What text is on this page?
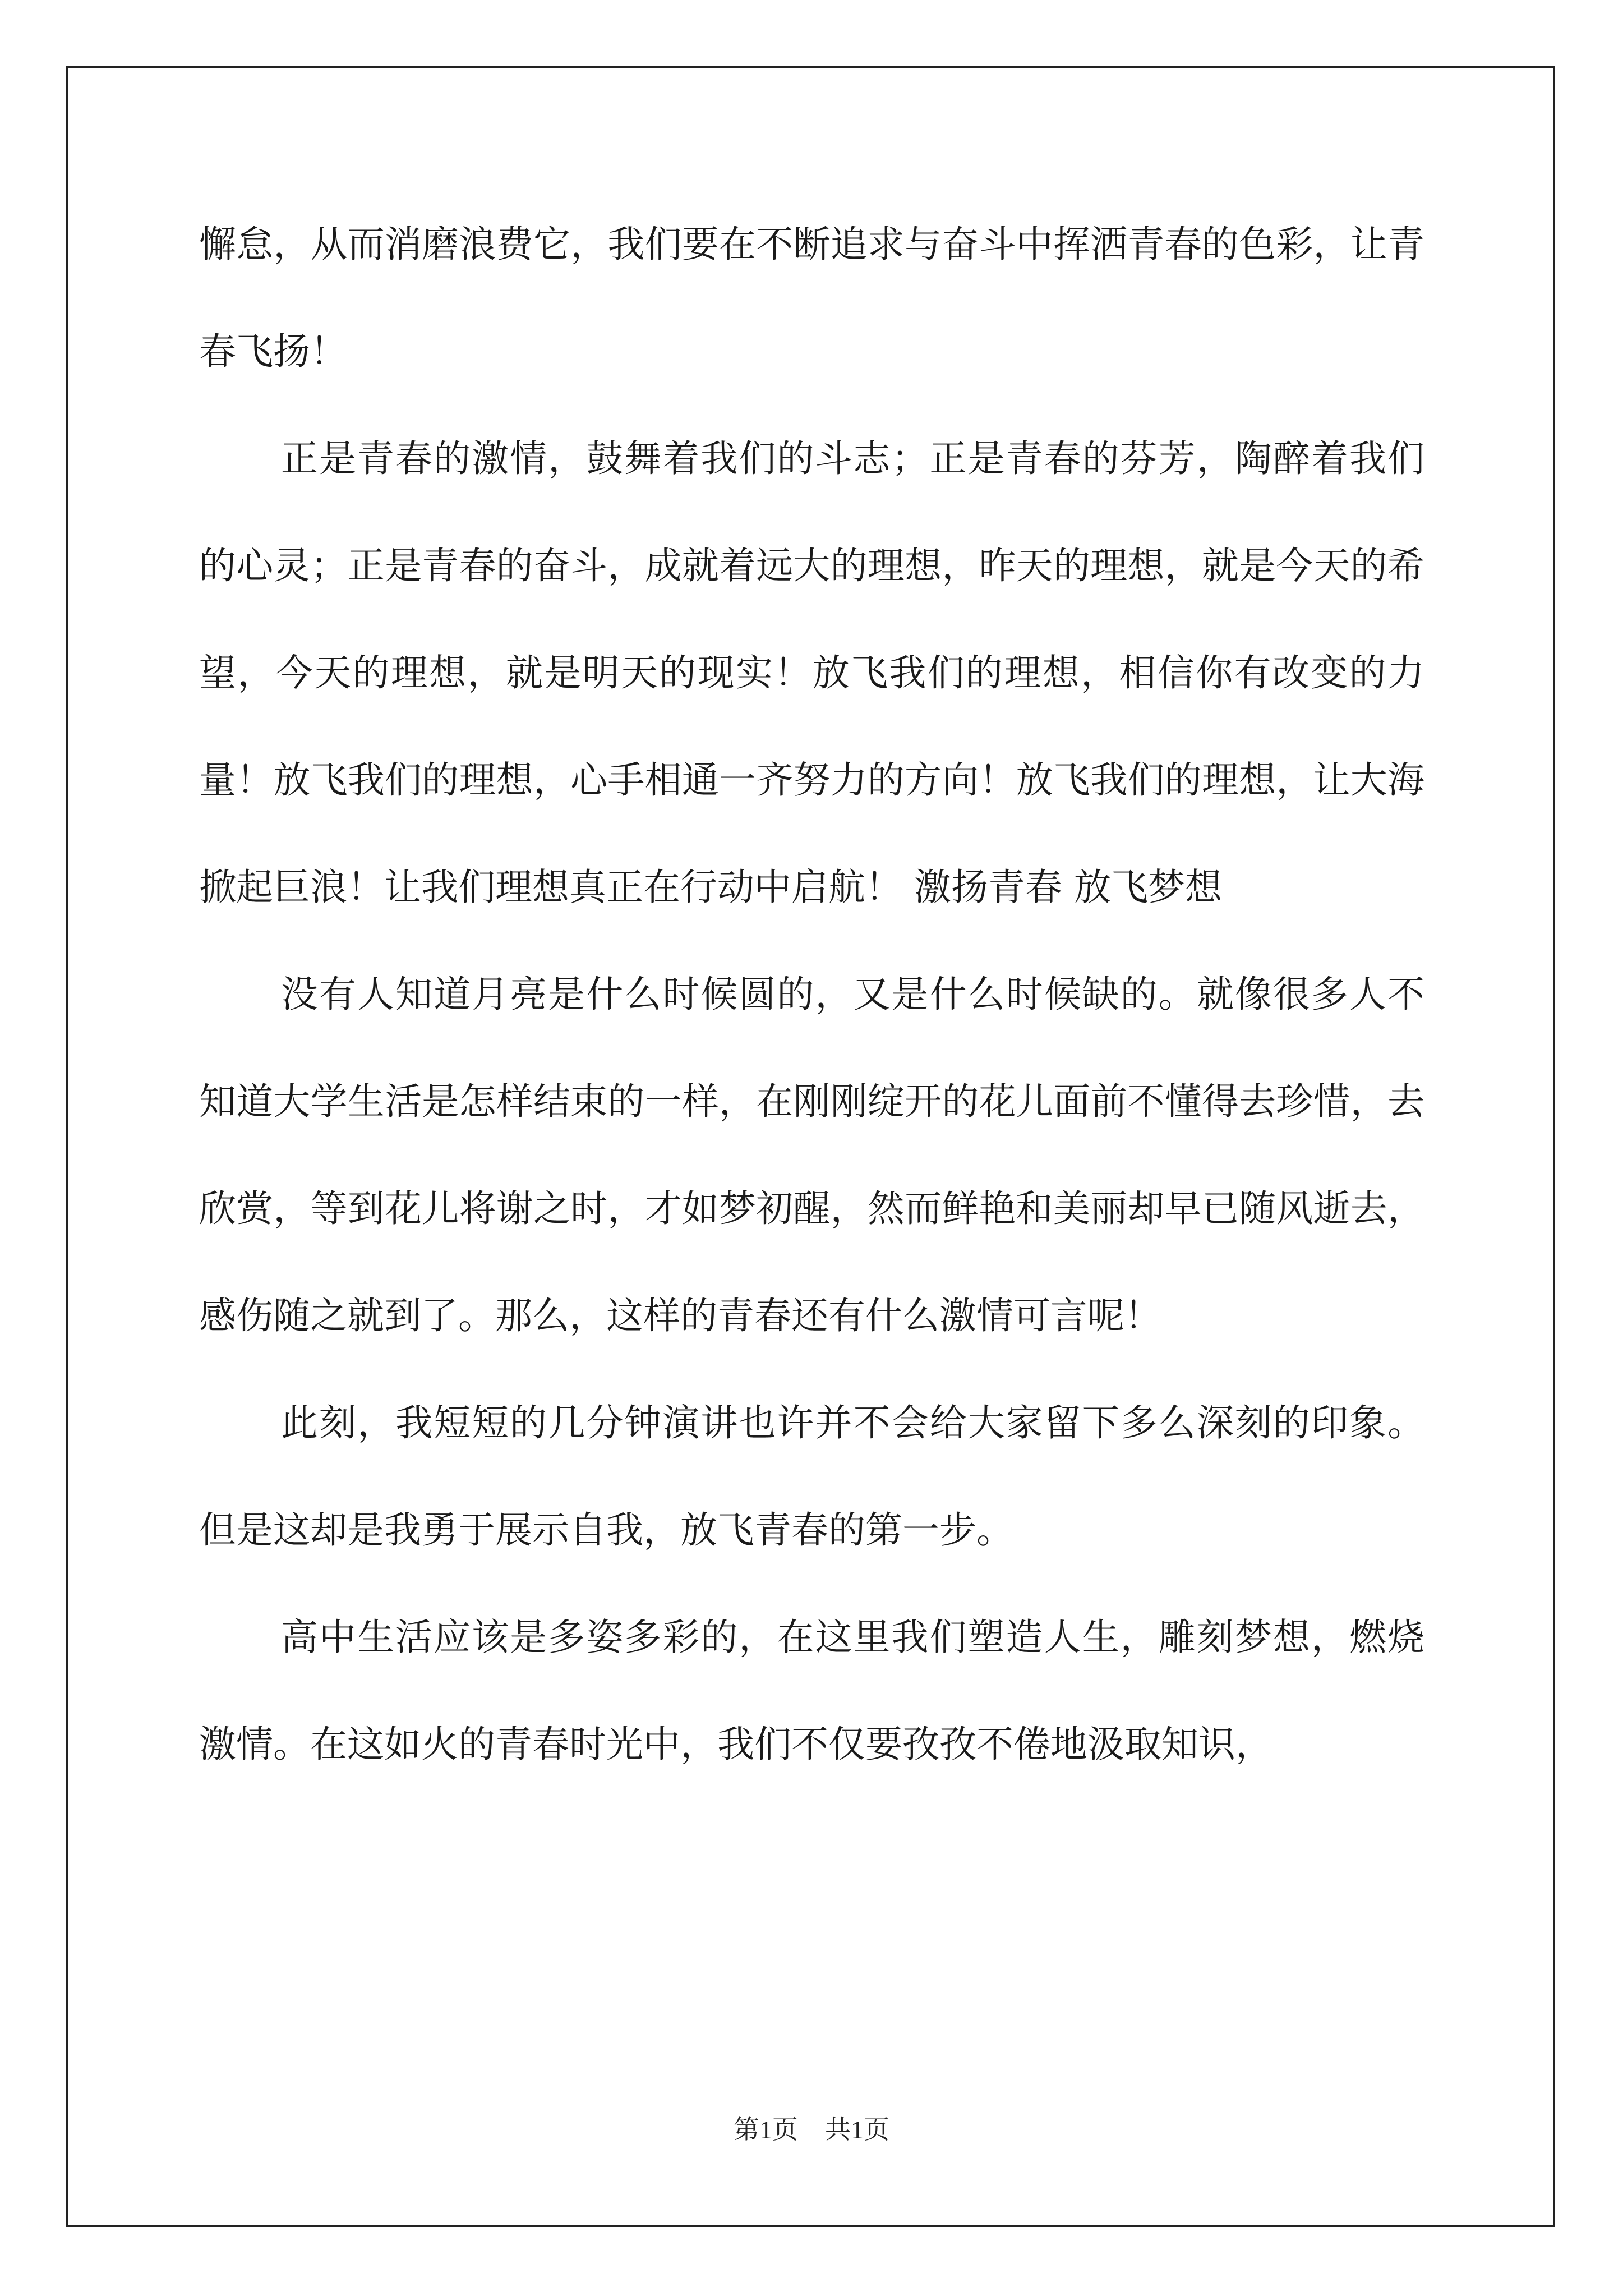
懈怠，从而消磨浪费它，我们要在不断追求与奋斗中挥洒青春的色彩，让青春飞扬！

正是青春的激情，鼓舞着我们的斗志；正是青春的芬芳，陶醉着我们的心灵；正是青春的奋斗，成就着远大的理想，昨天的理想，就是今天的希望，今天的理想，就是明天的现实！放飞我们的理想，相信你有改变的力量！放飞我们的理想，心手相通一齐努力的方向！放飞我们的理想，让大海掀起巨浪！让我们理想真正在行动中启航！ 激扬青春 放飞梦想

没有人知道月亮是什么时候圆的，又是什么时候缺的。就像很多人不知道大学生活是怎样结束的一样，在刚刚绽开的花儿面前不懂得去珍惜，去欣赏，等到花儿将谢之时，才如梦初醒，然而鲜艳和美丽却早已随风逝去，感伤随之就到了。那么，这样的青春还有什么激情可言呢！

此刻，我短短的几分钟演讲也许并不会给大家留下多么深刻的印象。但是这却是我勇于展示自我，放飞青春的第一步。

高中生活应该是多姿多彩的，在这里我们塑造人生，雕刻梦想，燃烧激情。在这如火的青春时光中，我们不仅要孜孜不倦地汲取知识，

第1页 共1页
